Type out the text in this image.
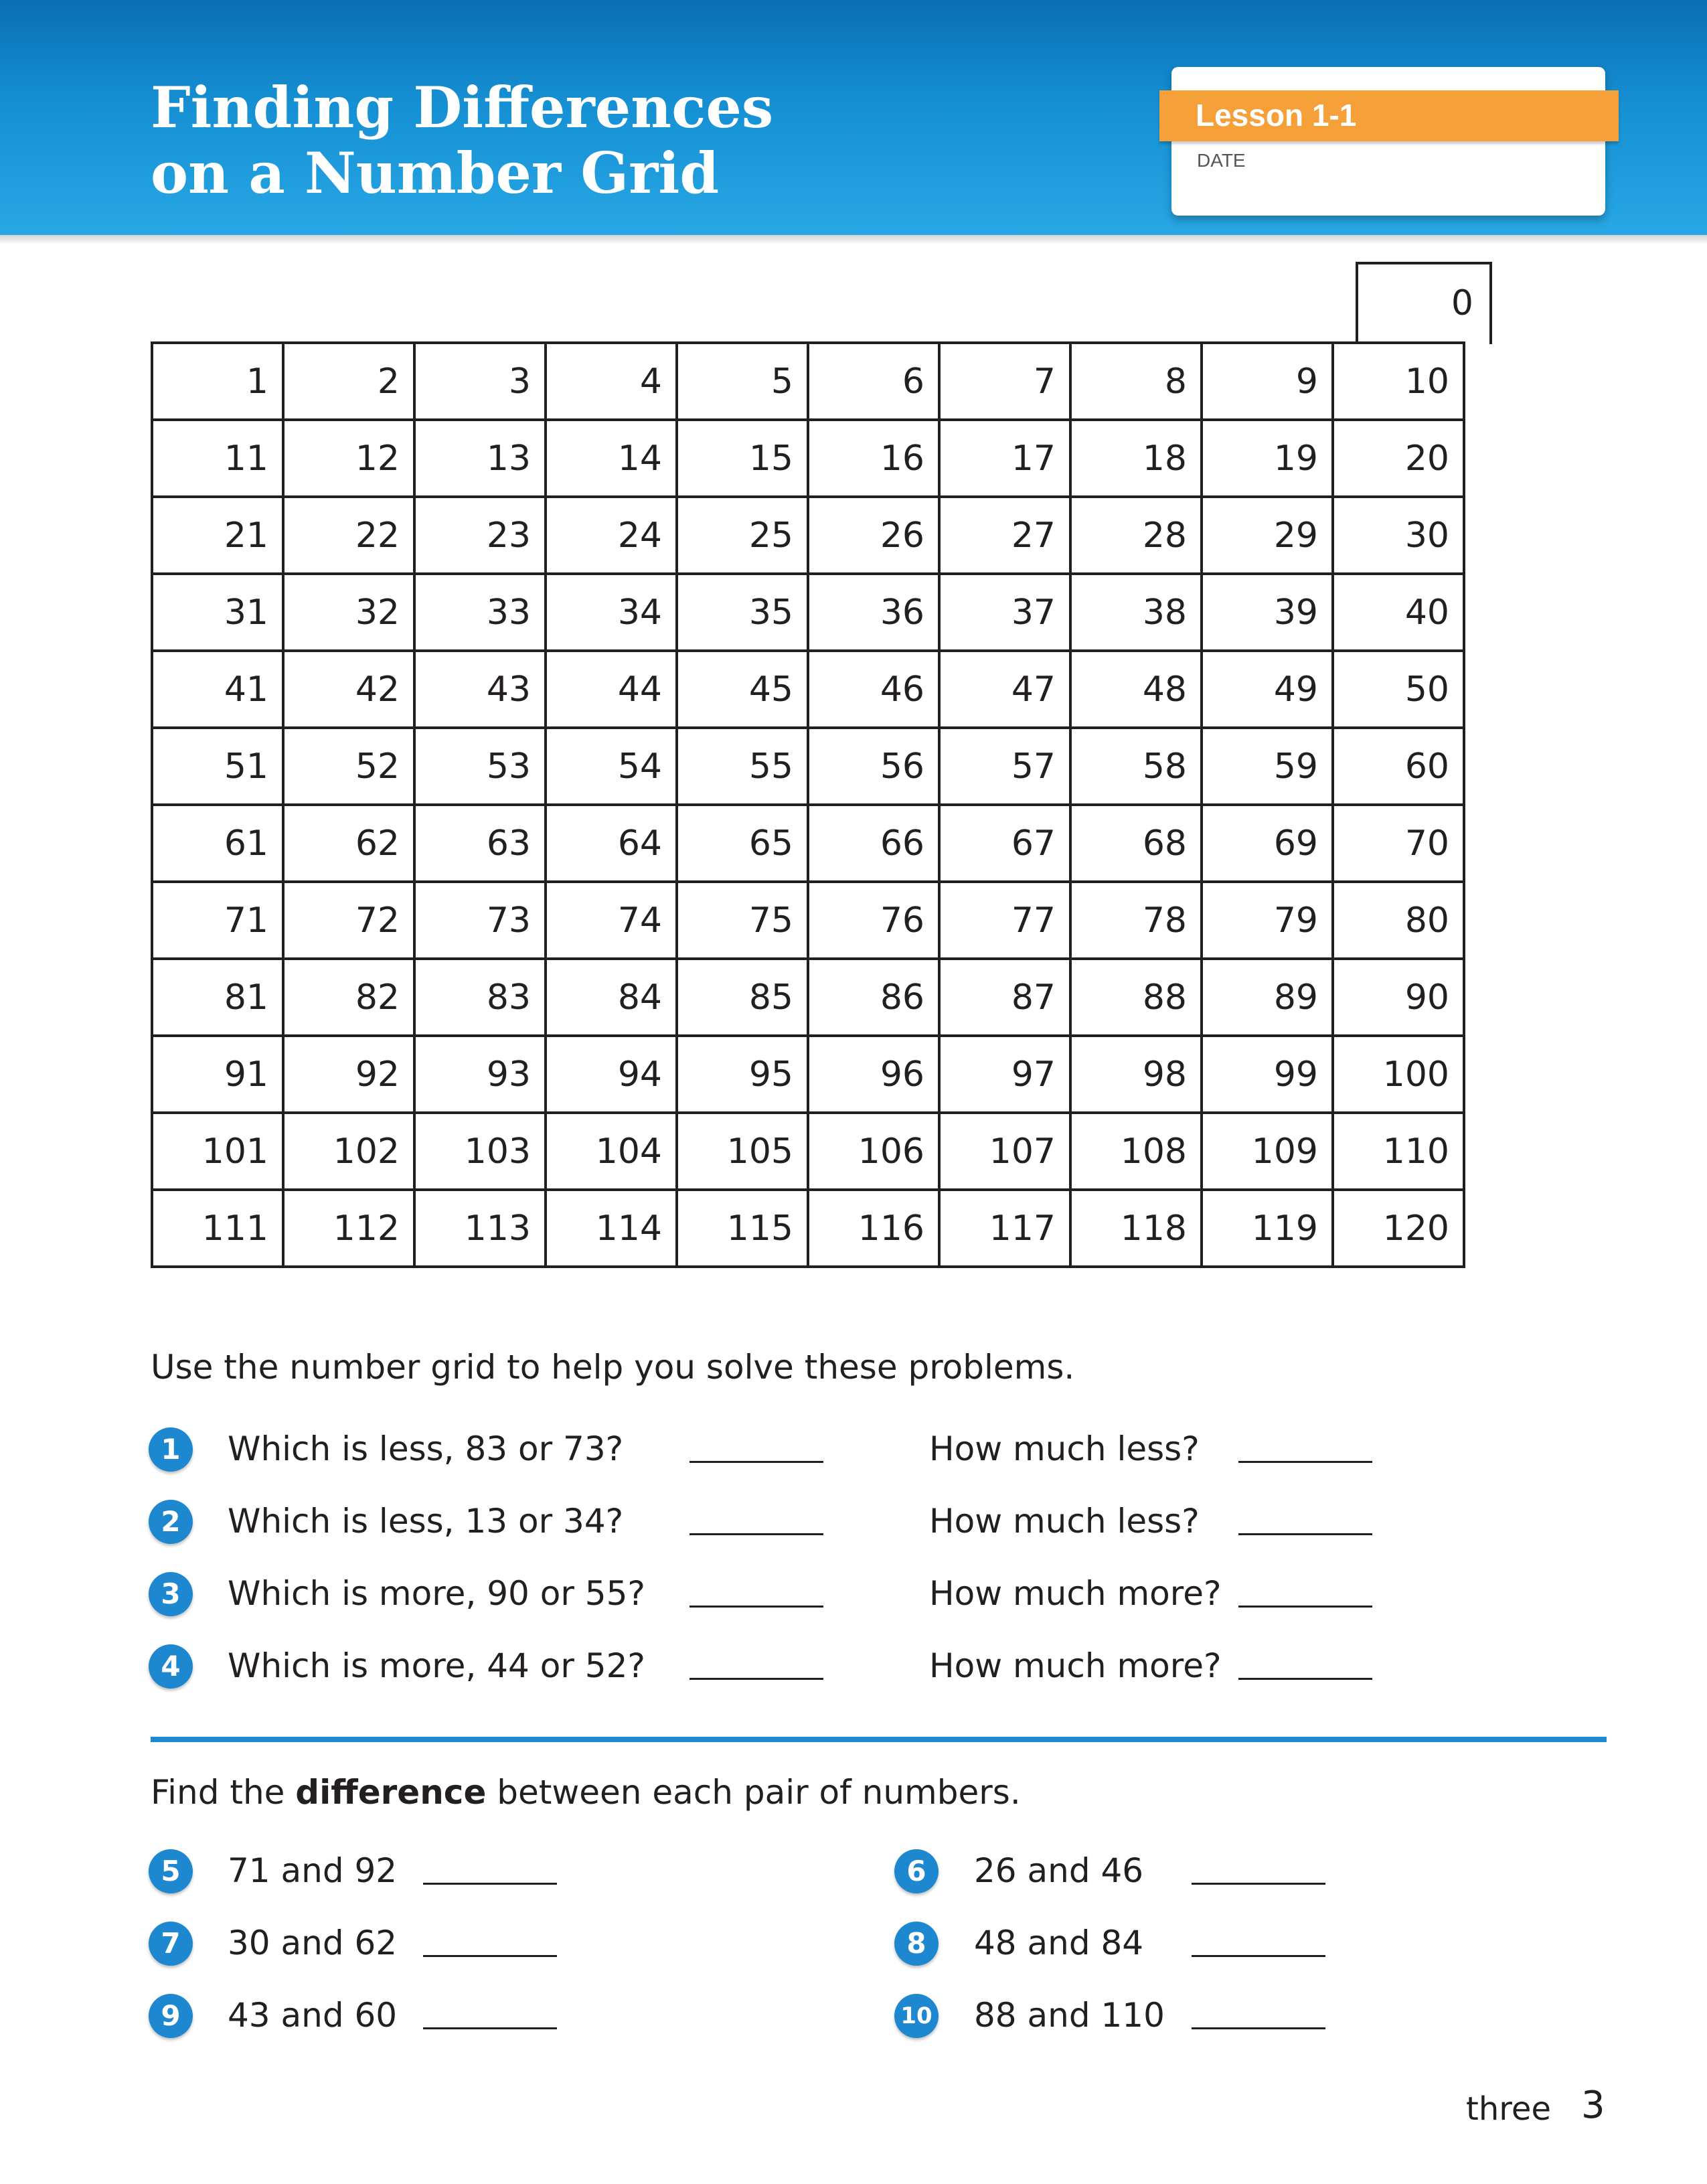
Finding Differences
on a Number Grid
Lesson 1-1
DATE
0
1	2	3	4	5	6	7	8	9	10
11	12	13	14	15	16	17	18	19	20
21	22	23	24	25	26	27	28	29	30
31	32	33	34	35	36	37	38	39	40
41	42	43	44	45	46	47	48	49	50
51	52	53	54	55	56	57	58	59	60
61	62	63	64	65	66	67	68	69	70
71	72	73	74	75	76	77	78	79	80
81	82	83	84	85	86	87	88	89	90
91	92	93	94	95	96	97	98	99	100
101	102	103	104	105	106	107	108	109	110
111	112	113	114	115	116	117	118	119	120

Use the number grid to help you solve these problems.

1	Which is less, 83 or 73?	How much less?
2	Which is less, 13 or 34?	How much less?
3	Which is more, 90 or 55?	How much more?
4	Which is more, 44 or 52?	How much more?

Find the difference between each pair of numbers.

5	71 and 92	6	26 and 46
7	30 and 62	8	48 and 84
9	43 and 60	10 88 and 110
three 3
